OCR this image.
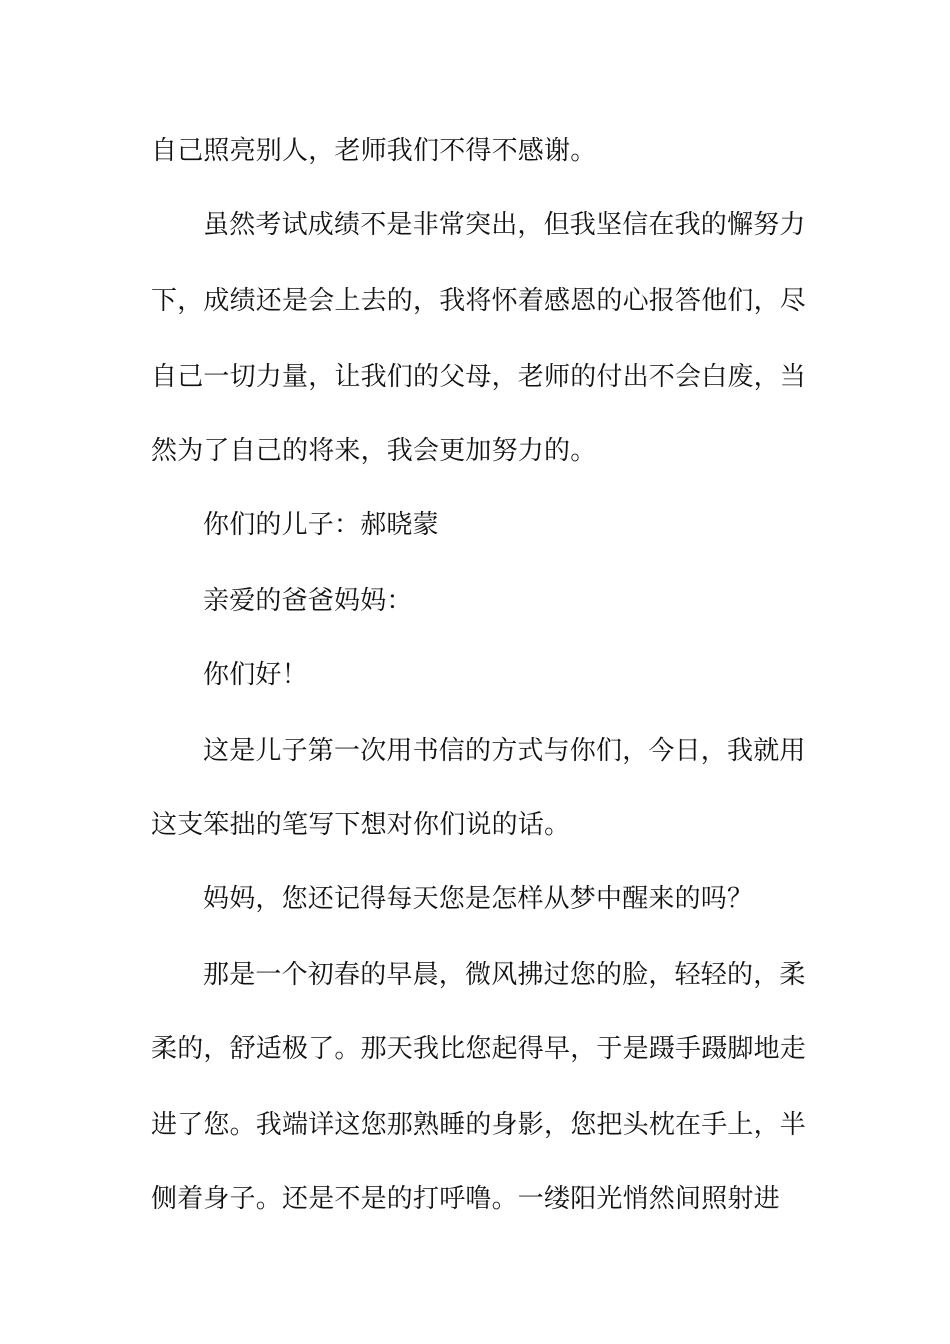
自己照亮别人，老师我们不得不感谢。
虽然考试成绩不是非常突出，但我坚信在我的懈努力
下，成绩还是会上去的，我将怀着感恩的心报答他们，尽
自己一切力量，让我们的父母，老师的付出不会白废，当
然为了自己的将来，我会更加努力的。
你们的儿子：郝晓蒙
亲爱的爸爸妈妈：
你们好！
这是儿子第一次用书信的方式与你们，今日，我就用
这支笨拙的笔写下想对你们说的话。
妈妈，您还记得每天您是怎样从梦中醒来的吗？
那是一个初春的早晨，微风拂过您的脸，轻轻的，柔
柔的，舒适极了。那天我比您起得早，于是蹑手蹑脚地走
进了您。我端详这您那熟睡的身影，您把头枕在手上，半
侧着身子。还是不是的打呼噜。一缕阳光悄然间照射进
